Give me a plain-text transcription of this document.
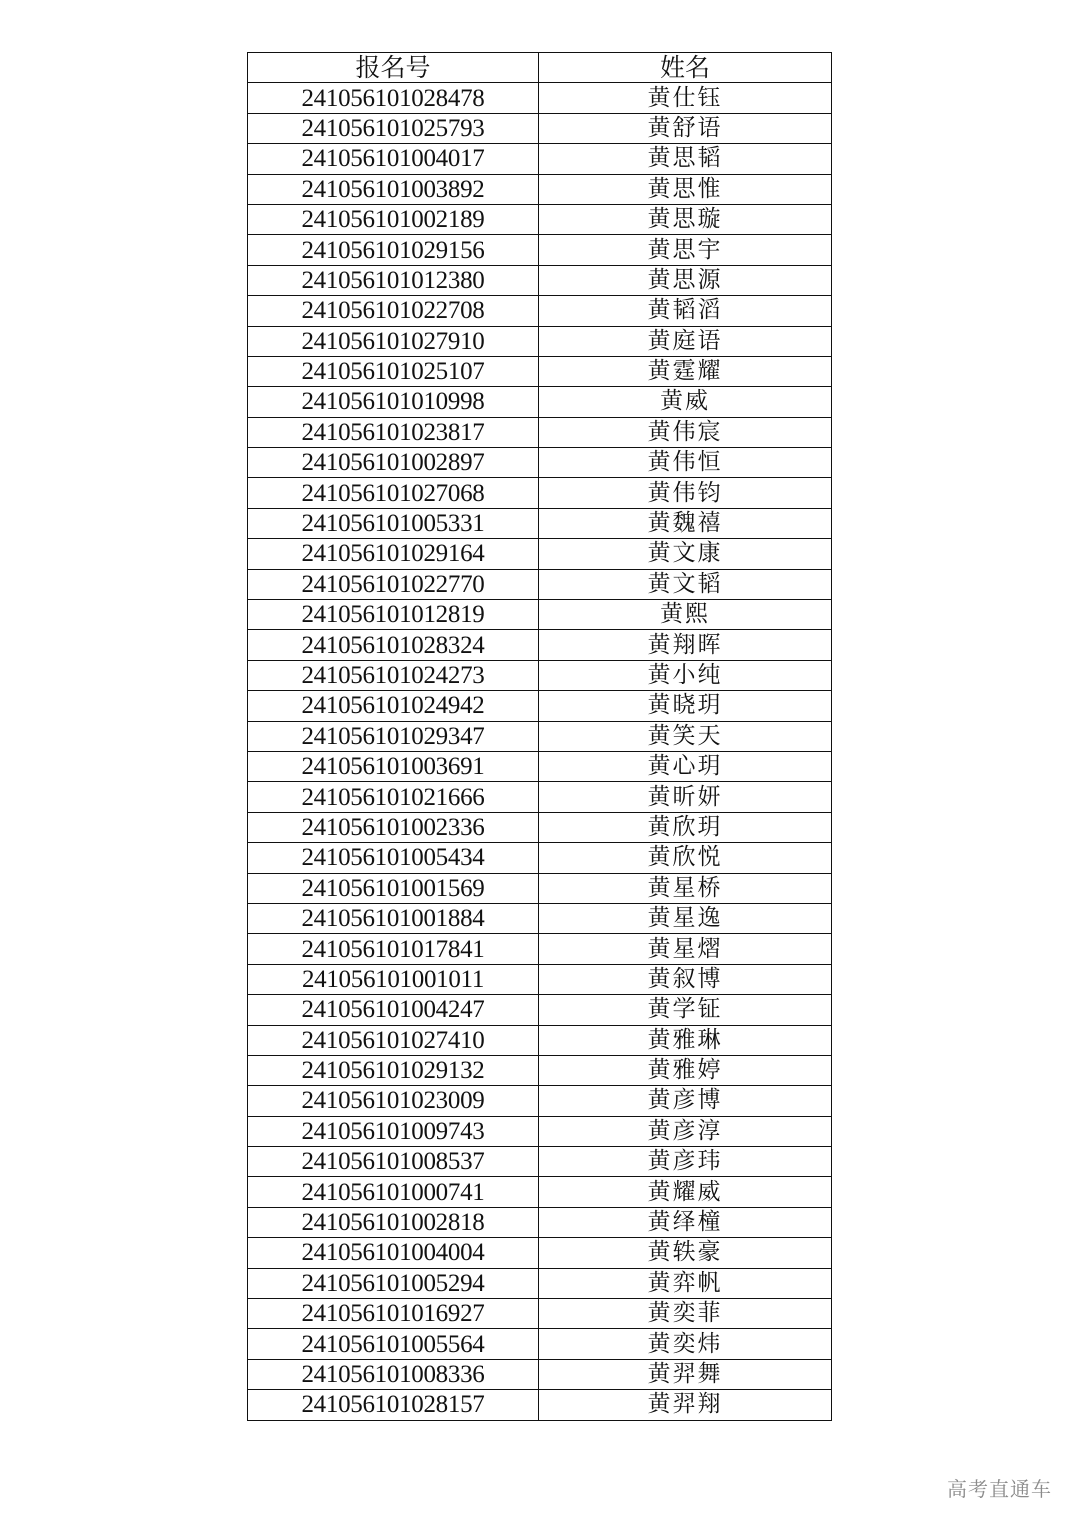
报名号	姓名
241056101028478	黄仕钰
241056101025793	黄舒语
241056101004017	黄思韬
241056101003892	黄思惟
241056101002189	黄思璇
241056101029156	黄思宇
241056101012380	黄思源
241056101022708	黄韬滔
241056101027910	黄庭语
241056101025107	黄霆耀
241056101010998	黄威
241056101023817	黄伟宸
241056101002897	黄伟恒
241056101027068	黄伟钧
241056101005331	黄魏禧
241056101029164	黄文康
241056101022770	黄文韬
241056101012819	黄熙
241056101028324	黄翔晖
241056101024273	黄小纯
241056101024942	黄晓玥
241056101029347	黄笑天
241056101003691	黄心玥
241056101021666	黄昕妍
241056101002336	黄欣玥
241056101005434	黄欣悦
241056101001569	黄星桥
241056101001884	黄星逸
241056101017841	黄星熠
241056101001011	黄叙博
241056101004247	黄学钲
241056101027410	黄雅琳
241056101029132	黄雅婷
241056101023009	黄彦博
241056101009743	黄彦淳
241056101008537	黄彦玮
241056101000741	黄耀威
241056101002818	黄绎橦
241056101004004	黄轶豪
241056101005294	黄弈帆
241056101016927	黄奕菲
241056101005564	黄奕炜
241056101008336	黄羿舞
241056101028157	黄羿翔
高考直通车
